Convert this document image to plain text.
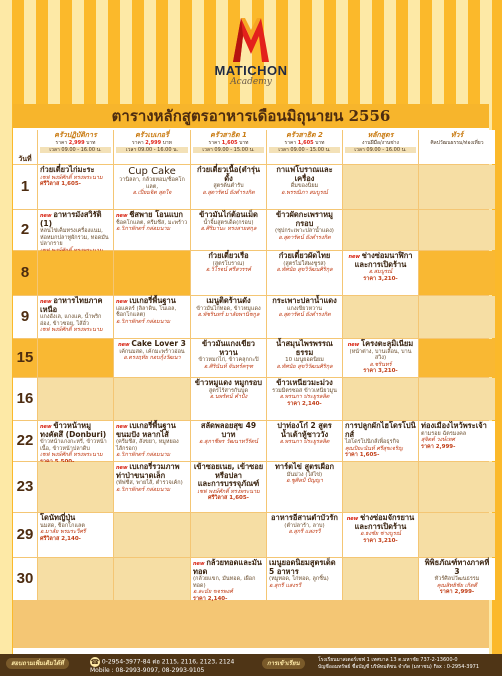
MATICHON
Academy
ตารางหลักสูตรอาหารเดือนมิถุนายน 2556
วันที่
ครัวปฏิบัติการ
ราคา 2,999 บาท
เวลา 09.00 - 16.00 น.
ครัวเบเกอรี่
ราคา 2,999 บาท
เวลา 09.00 - 16.00 น.
ครัวสาธิต 1
ราคา 1,605 บาท
เวลา 09.00 - 15.00 น.
ครัวสาธิต 2
ราคา 1,605 บาท
เวลา 09.00 - 15.00 น.
หลักสูตร
งานฝีมือ/งานช่าง
เวลา 09.00 - 16.00 น.
ทัวร์
ศิลปวัฒนธรรม/ท่องเที่ยว
1
ก๋วยเตี๋ยวไก่มะระ
เชฟ พงษ์ศักดิ์ ทรงพระนาม
ศรีวิลาส 1,605-
Cup Cake
วานิลลา, กล้วยหอม/ช็อคโกแลต,
อ.เปี่ยมจิต สุดใจ
ก๋วยเตี๋ยวเนื้อ(ตำรุ่นดั้ง
สูตรต้นตำรับ
อ.สุดารัตน์ ยังดำรงกิต
กาแฟโบราณและเครื่อง
ดื่มของนิยม
อ.พรรณิภา สมบูรณ์
2
new อาหารมังสวิรัติ (1)
หลนไข่เค็มทรงเครื่องแนม, ห่อหมกปลาทูผักรวม, ทอดมันปลากราย
new ชีสพาย โอนแบก
ช็อคโกแลต, ครีมชีส, มะพร้าว
อ.วิภาพักตร์ กล่อมนาม
ข้าวมันไก่ต้อนเม็ด
น้ำจิ้มสูตรเด็ด(กรอบ)
อ.ศิริมานะ ทรงสายสกุล
ข้าวผัดกะเพราหมูกรอบ
(ซุปกระเพาะปลาน้ำแดง)
อ.สุดารัตน์ ยังดำรงกิต
8
ก๋วยเตี๋ยวเรือ
(สูตรโบราณ)
อ.วิโรจน์ ศรีสวรรค์
ก๋วยเตี๋ยวผัดไทย
(สูตรไม่ใส่ผงชูรส)
อ.ทัศนัย สุขวิวัฒนศิริกุล
new ช่างซ่อมนาฬิกา
และการเปิดร้าน
อ.สมบูรณ์
ราคา 3,210-
9
new อาหารไทยภาคเหนือ
แกงฮังเล, แกงแค, น้ำพริกอ่อง, ข้าวซอย, ไส้อั่ว
เชฟ พงษ์ศักดิ์ ทรงพระนาม
new เบเกอรี่พื้นฐาน
เอแคลร์ (ลิลาดิน, โนเอล, ช็อกโกแลต)
อ.วิภาพักตร์ กล่อมนาม
เมนูติดร้านดัง
ข้าวมันไก่ทอด, ข้าวหมูแดง
อ.พัชรินทร์ มาลัยพานิชกูล
กระเพาะปลาน้ำแดง
แกงเขียวหวาน
อ.สุดารัตน์ ยังดำรงกิต
15
new Cake Lover 3
เค้กนมสด, เค้กมะพร้าวอ่อน
อ.ดรงฤทัย กอบกุ้งวัฒนา
ข้าวมันแกงเขียวหวาน
ข้าวหมกไก่, ข้าวคลุกกะปิ
อ.ศิรินันท์ จันทร์ครุฑ
น้ำสมุนไพรพรรณธรรม
10 เมนูยอดนิยม
อ.ทัศนัย สุขวิวัฒนศิริกุล
new โครงตะลุมิเนียม
(หน้าต่าง, บานเลื่อน, บานสวิง)
อ.ชรินทร์
ราคา 3,210-
16
ข้าวหมูแดง หมูกรอบ
สูตรไร้สารกันบูด
อ.นพรัตน์ คำปัง
ข้าวเหนียวมะม่วง
รวมมิตรซอส ข้าวเหนียวมูน
อ.พรนภา ประยูรลลิต
ราคา 2,140-
22
new ข้าวหน้าหมูทงคัตสึ (Donburi)
ข้าวหน้าแกงกะหรี่, ข้าวหน้าเนื้อ, ข้าวหน้าปลาดิบ
เชฟ พงษ์ศักดิ์ ทรงพระนาม
new เบเกอรี่พื้นฐานขนมปัง หลากไส้
(ครีมชีส, สังขยา, หมูหยองไส้กรอก)
อ.วิภาพักตร์ กล่อมนาม
สลัดพลอยสุข 49 บาท
อ.สุภาชีพร วัฒนาทวีรัตน์
ปาท่องโก๋ 2 สูตร
น้ำเต้าหู้ชาววัง
อ.พรนภา ประยูรลลิต
การปลูกผักไฮโดรโปนิกส์
ไฮโดรโปนิกส์เพื่อธุรกิจ
คุณปิยะนันท์ ศรีสุขเจริญ
ราคา 1,605-
ท่องเมืองไหว้พระเจ้า
ตามรอย ฉัตรมงคล
สุจิตต์ วงษ์เทศ
ราคา 2,999-
23
new เบเกอรี่รวมภาพ ท่าป่าขนาดเล็ก
(พัฟชีส, พายไส้, ตำรวจเค้ก)
อ.วิภาพักตร์ กล่อมนาม
เข้าซอยเนย, เข้าซอยหรือปลา
และการบรรจุภัณฑ์
เชฟ พงษ์ศักดิ์ ทรงพระนาม
ศรีวิลาส 1,605-
ทาร์ตไข่ สูตรเผือก
มันม่วง (ใส่ไข่)
อ.ชูศิลป์ ปัญญา
29
โดนัทญี่ปุ่น
นมสด, ช็อกโกแลต
อ.มาลัย พรมระวีศรี
ศรีวิลาส 2,140-
อาหารอีสานตำบัวรัก
(ตำปลาร้า, ลาบ)
อ.สุกรี แสงรวี
new ช่างซ่อมจักรยานและการเปิดร้าน
อ.ธงชัย ช่างบูรณ์
ราคา 3,210-
30
new กล้วยทอดและมันทอด
(กล้วยแขก, มันทอด, เผือกทอด)
อ.ละมัย ขจรพงศ์
ราคา 2,140-
เมนูยอดนิยมสูตรเด็ด 5 อาหาร
(หมูทอด, ไก่ทอด, ลูกชิ้น)
อ.สุกรี แสงรวี
พิพิธภัณฑ์ทางภาคที่ 3
ทัวร์ศิลปวัฒนธรรม
คุณสิทธิชัย เกิดดี
ราคา 2,999-
สอบถามเพิ่มเติมได้ที่	☎ 0-2954-3977-84 ต่อ 2115, 2116, 2123, 2124
Mobile : 08-2993-9097, 08-2993-9105
การเข้าเรียน	โรงเรียนมาสเตอร์เชฟ 1 เทศบาล 13 ต.มหาชัย 737-2-13600-0
บัญชีออมทรัพย์ ชื่อบัญชี บริษัทมติชน จำกัด (มหาชน) Fax : 0-2954-3971
